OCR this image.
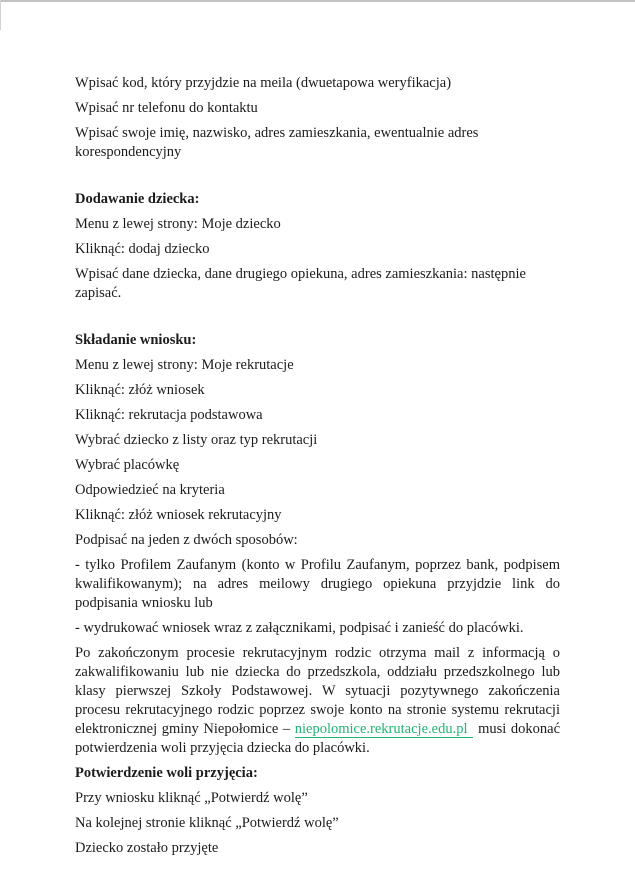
Wpisać kod, który przyjdzie na meila (dwuetapowa weryfikacja)

Wpisać nr telefonu do kontaktu

Wpisać swoje imię, nazwisko, adres zamieszkania, ewentualnie adres korespondencyjny

Dodawanie dziecka:

Menu z lewej strony: Moje dziecko

Kliknąć: dodaj dziecko

Wpisać dane dziecka, dane drugiego opiekuna, adres zamieszkania: następnie zapisać.

Składanie wniosku:

Menu z lewej strony: Moje rekrutacje

Kliknąć: złóż wniosek

Kliknąć: rekrutacja podstawowa

Wybrać dziecko z listy oraz typ rekrutacji

Wybrać placówkę

Odpowiedzieć na kryteria

Kliknąć: złóż wniosek rekrutacyjny

Podpisać na jeden z dwóch sposobów:

- tylko Profilem Zaufanym (konto w Profilu Zaufanym, poprzez bank, podpisem kwalifikowanym); na adres meilowy drugiego opiekuna przyjdzie link do podpisania wniosku lub

- wydrukować wniosek wraz z załącznikami, podpisać i zanieść do placówki.

Po zakończonym procesie rekrutacyjnym rodzic otrzyma mail z informacją o zakwalifikowaniu lub nie dziecka do przedszkola, oddziału przedszkolnego lub klasy pierwszej Szkoły Podstawowej. W sytuacji pozytywnego zakończenia procesu rekrutacyjnego rodzic poprzez swoje konto na stronie systemu rekrutacji elektronicznej gminy Niepołomice – niepolomice.rekrutacje.edu.pl musi dokonać potwierdzenia woli przyjęcia dziecka do placówki.

Potwierdzenie woli przyjęcia:

Przy wniosku kliknąć „Potwierdź wolę”

Na kolejnej stronie kliknąć „Potwierdź wolę”

Dziecko zostało przyjęte
